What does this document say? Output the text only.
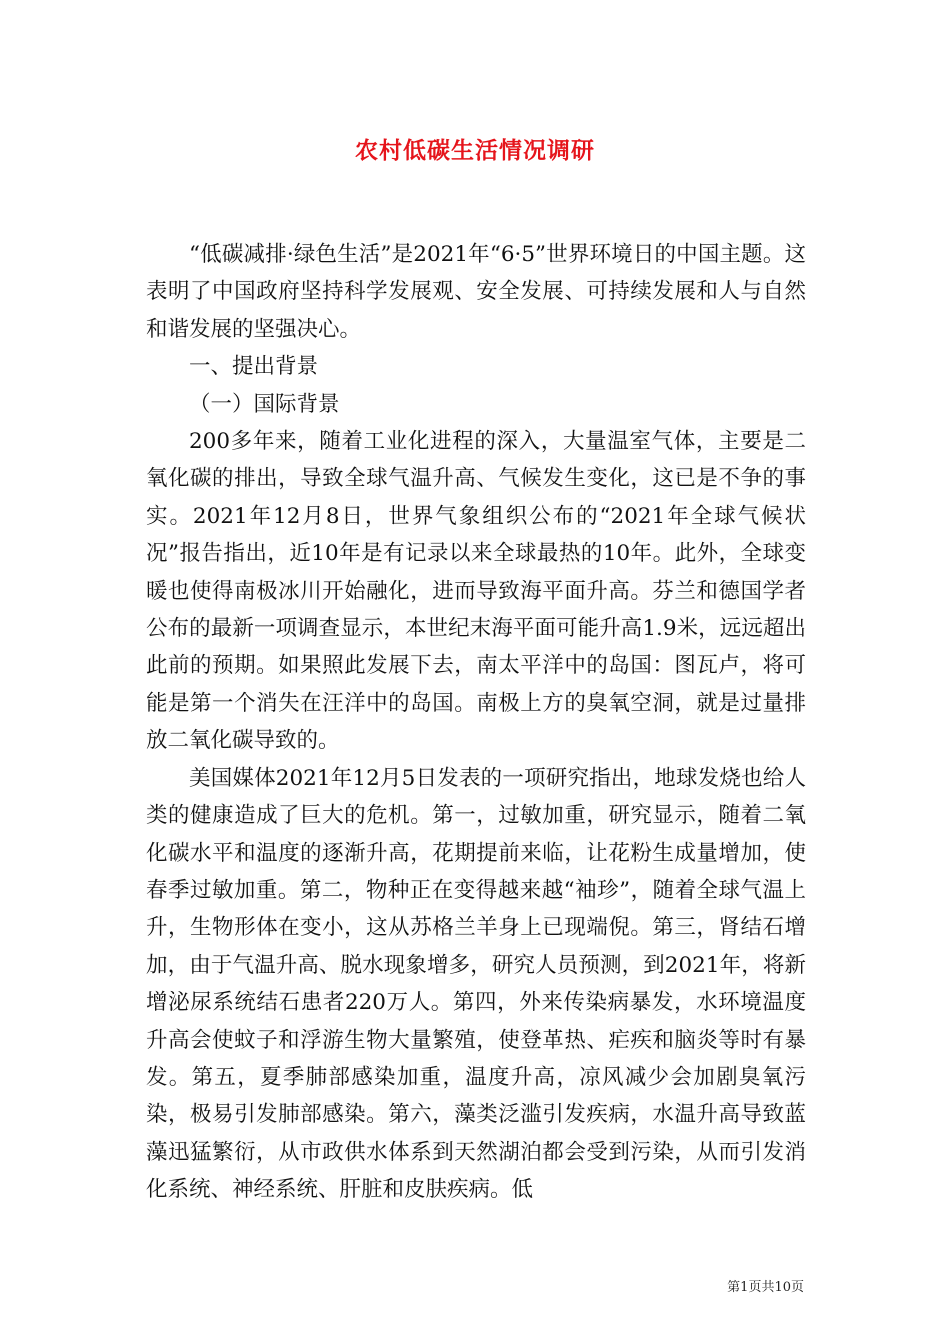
农村低碳生活情况调研

“低碳减排·绿色生活”是2021年“6·5”世界环境日的中国主题。这表明了中国政府坚持科学发展观、安全发展、可持续发展和人与自然和谐发展的坚强决心。

一、提出背景

（一）国际背景

200多年来，随着工业化进程的深入，大量温室气体，主要是二氧化碳的排出，导致全球气温升高、气候发生变化，这已是不争的事实。2021年12月8日，世界气象组织公布的“2021年全球气候状况”报告指出，近10年是有记录以来全球最热的10年。此外，全球变暖也使得南极冰川开始融化，进而导致海平面升高。芬兰和德国学者公布的最新一项调查显示，本世纪末海平面可能升高1.9米，远远超出此前的预期。如果照此发展下去，南太平洋中的岛国：图瓦卢，将可能是第一个消失在汪洋中的岛国。南极上方的臭氧空洞，就是过量排放二氧化碳导致的。

美国媒体2021年12月5日发表的一项研究指出，地球发烧也给人类的健康造成了巨大的危机。第一，过敏加重，研究显示，随着二氧化碳水平和温度的逐渐升高，花期提前来临，让花粉生成量增加，使春季过敏加重。第二，物种正在变得越来越“袖珍”，随着全球气温上升，生物形体在变小，这从苏格兰羊身上已现端倪。第三，肾结石增加，由于气温升高、脱水现象增多，研究人员预测，到2021年，将新增泌尿系统结石患者220万人。第四，外来传染病暴发，水环境温度升高会使蚊子和浮游生物大量繁殖，使登革热、疟疾和脑炎等时有暴发。第五，夏季肺部感染加重，温度升高，凉风减少会加剧臭氧污染，极易引发肺部感染。第六，藻类泛滥引发疾病，水温升高导致蓝藻迅猛繁衍，从市政供水体系到天然湖泊都会受到污染，从而引发消化系统、神经系统、肝脏和皮肤疾病。低

第1页共10页
